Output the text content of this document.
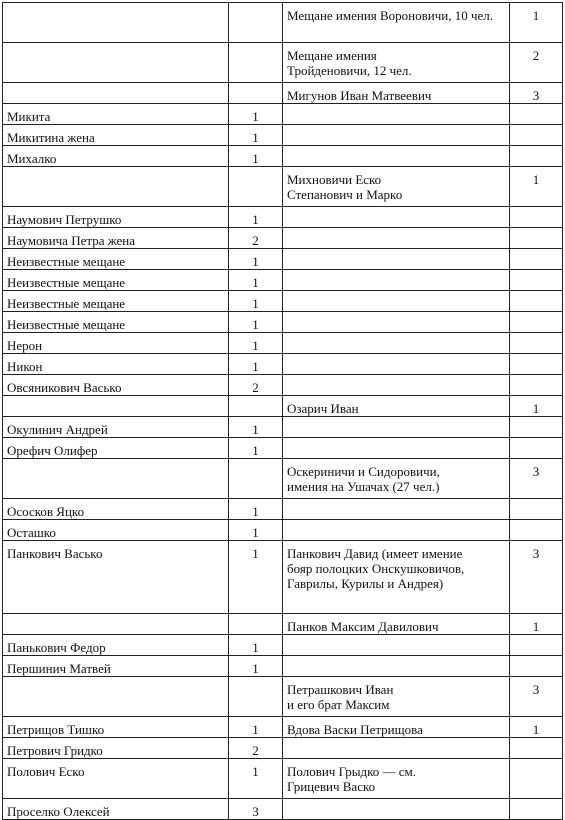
		Мещане имения Вороновичи, 10 чел.	1
		Мещане имения
Тройденовичи, 12 чел.	2
		Мигунов Иван Матвеевич	3
Микита	1		
Микитина жена	1		
Михалко	1		
		Михновичи Еско
Степанович и Марко	1
Наумович Петрушко	1		
Наумовича Петра жена	2		
Неизвестные мещане	1		
Неизвестные мещане	1		
Неизвестные мещане	1		
Неизвестные мещане	1		
Нерон	1		
Никон	1		
Овсяникович Васько	2		
		Озарич Иван	1
Окулинич Андрей	1		
Орефич Олифер	1		
		Оскериничи и Сидоровичи,
имения на Ушачах (27 чел.)	3
Ососков Яцко	1		
Осташко	1		
Панкович Васько	1	Панкович Давид (имеет имение
бояр полоцких Онскушковичов,
Гаврилы, Курилы и Андрея)	3
		Панков Максим Давилович	1
Панькович Федор	1		
Першинич Матвей	1		
		Петрашкович Иван
и его брат Максим	3
Петрищов Тишко	1	Вдова Васки Петрищова	1
Петрович Гридко	2		
Полович Еско	1	Полович Грыдко — см.
Грицевич Васко	
Проселко Олексей	3		
